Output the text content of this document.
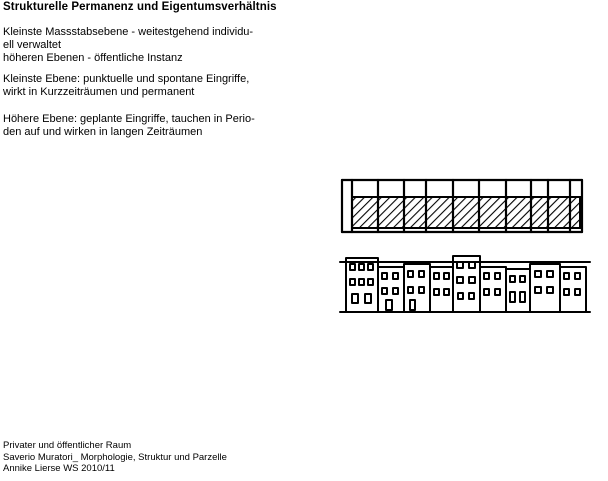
Strukturelle Permanenz und Eigentumsverhältnis

Kleinste Massstabsebene - weitestgehend individu-
ell verwaltet
höheren Ebenen - öffentliche Instanz

Kleinste Ebene: punktuelle und spontane Eingriffe,
wirkt in Kurzzeiträumen und permanent

Höhere Ebene: geplante Eingriffe, tauchen in Perio-
den auf und wirken in langen Zeiträumen

Privater und öffentlicher Raum
Saverio Muratori_ Morphologie, Struktur und Parzelle
Annike Lierse WS 2010/11
